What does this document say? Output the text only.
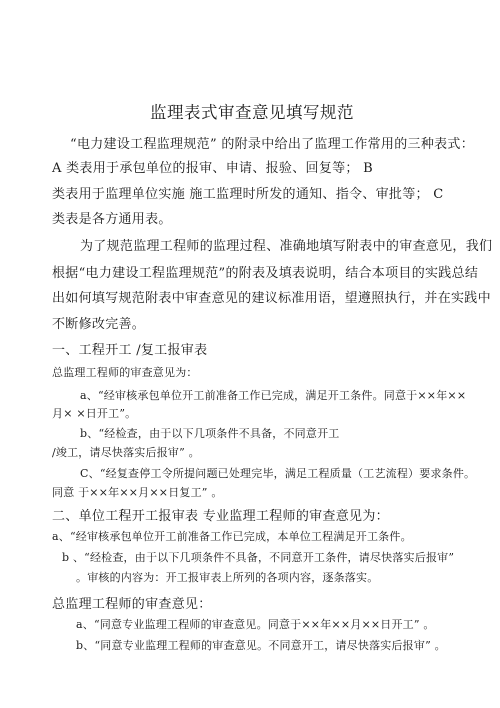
监理表式审查意见填写规范
“电力建设工程监理规范” 的附录中给出了监理工作常用的三种表式：
A 类表用于承包单位的报审、申请、报验、回复等； B
类表用于监理单位实施 施工监理时所发的通知、指令、审批等； C
类表是各方通用表。
为了规范监理工程师的监理过程、准确地填写附表中的审查意见，我们
根据“电力建设工程监理规范”的附表及填表说明，结合本项目的实践总结
出如何填写规范附表中审查意见的建议标准用语，望遵照执行，并在实践中
不断修改完善。
一、工程开工 /复工报审表
总监理工程师的审查意见为：
a、“经审核承包单位开工前准备工作已完成，满足开工条件。同意于××年××
月× ×日开工”。
b、“经检查，由于以下几项条件不具备，不同意开工
/竣工，请尽快落实后报审” 。
C、“经复查停工令所提问题已处理完毕，满足工程质量（工艺流程）要求条件。
同意 于××年××月××日复工” 。
二、单位工程开工报审表 专业监理工程师的审查意见为：
a、“经审核承包单位开工前准备工作已完成，本单位工程满足开工条件。
b 、“经检查，由于以下几项条件不具备，不同意开工条件，请尽快落实后报审”
。审核的内容为：开工报审表上所列的各项内容，逐条落实。
总监理工程师的审查意见：
a、“同意专业监理工程师的审查意见。同意于××年××月××日开工” 。
b、“同意专业监理工程师的审查意见。不同意开工，请尽快落实后报审” 。
